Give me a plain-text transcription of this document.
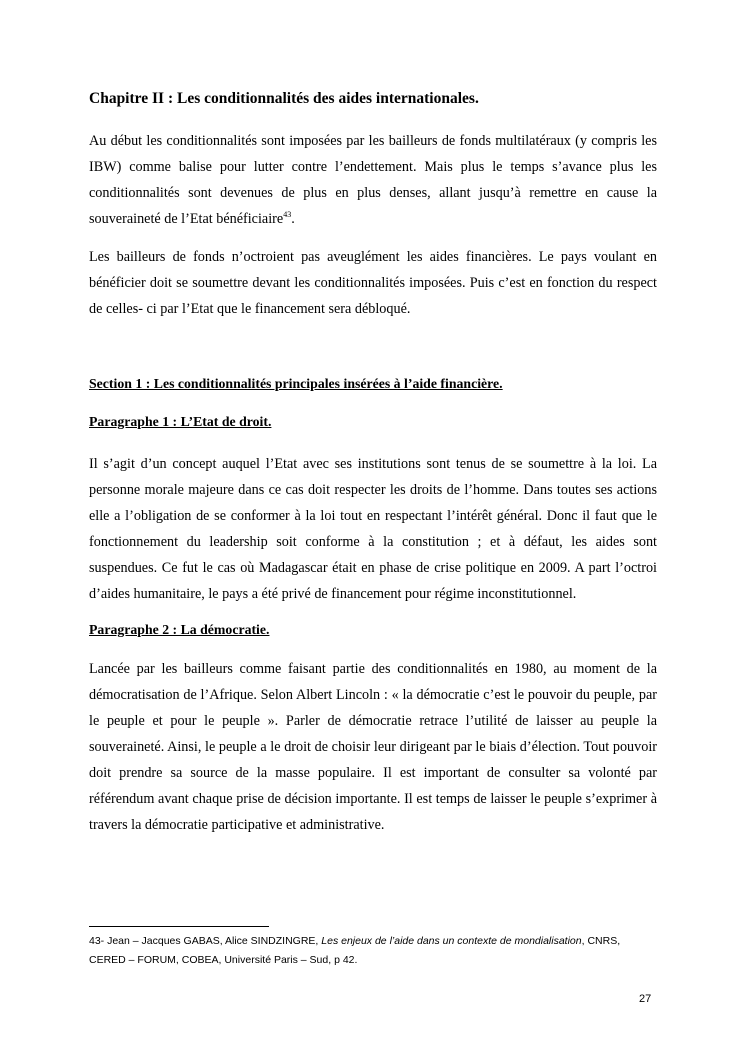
Chapitre II : Les conditionnalités des aides internationales.

Au début les conditionnalités sont imposées par les bailleurs de fonds multilatéraux (y compris les IBW) comme balise pour lutter contre l’endettement. Mais plus le temps s’avance plus les conditionnalités sont devenues de plus en plus denses, allant jusqu’à remettre en cause la souveraineté de l’Etat bénéficiaire$^{43}$.

Les bailleurs de fonds n’octroient pas aveuglément les aides financières. Le pays voulant en bénéficier doit se soumettre devant les conditionnalités imposées. Puis c’est en fonction du respect de celles- ci par l’Etat que le financement sera débloqué.

Section 1 : Les conditionnalités principales insérées à l’aide financière.
Paragraphe 1 : L’Etat de droit.

Il s’agit d’un concept auquel l’Etat avec ses institutions sont tenus de se soumettre à la loi. La personne morale majeure dans ce cas doit respecter les droits de l’homme. Dans toutes ses actions elle a l’obligation de se conformer à la loi tout en respectant l’intérêt général. Donc il faut que le fonctionnement du leadership soit conforme à la constitution ; et à défaut, les aides sont suspendues. Ce fut le cas où Madagascar était en phase de crise politique en 2009. A part l’octroi d’aides humanitaire, le pays a été privé de financement pour régime inconstitutionnel.

Paragraphe 2 : La démocratie.

Lancée par les bailleurs comme faisant partie des conditionnalités en 1980, au moment de la démocratisation de l’Afrique. Selon Albert Lincoln : « la démocratie c’est le pouvoir du peuple, par le peuple et pour le peuple ». Parler de démocratie retrace l’utilité de laisser au peuple la souveraineté. Ainsi, le peuple a le droit de choisir leur dirigeant par le biais d’élection. Tout pouvoir doit prendre sa source de la masse populaire. Il est important de consulter sa volonté par référendum avant chaque prise de décision importante. Il est temps de laisser le peuple s’exprimer à travers la démocratie participative et administrative.

43- Jean – Jacques GABAS, Alice SINDZINGRE, Les enjeux de l’aide dans un contexte de mondialisation, CNRS, CERED – FORUM, COBEA, Université Paris – Sud, p 42.

27
